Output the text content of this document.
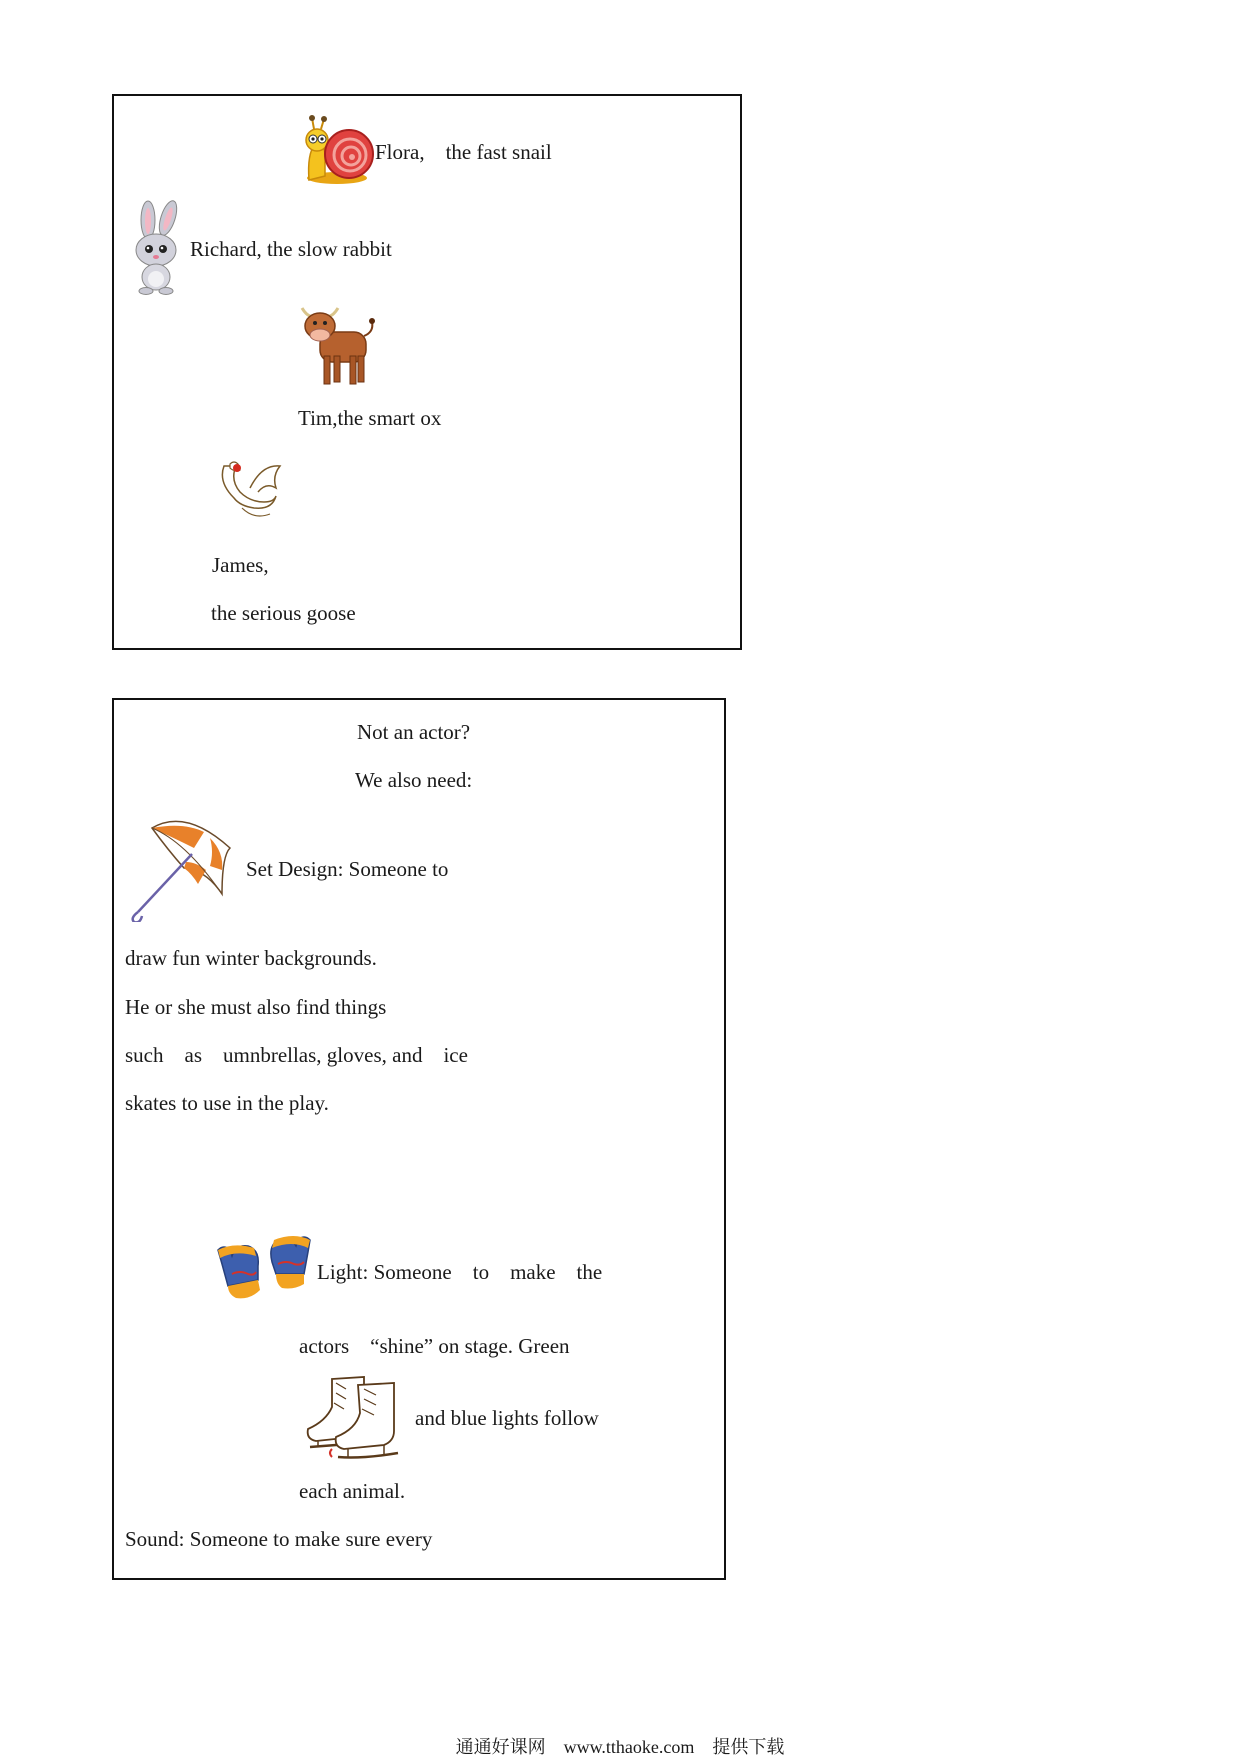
Flora,    the fast snail
Richard, the slow rabbit
Tim,the smart ox
James,
the serious goose
Not an actor?
We also need:
Set Design: Someone to
draw fun winter backgrounds.
He or she must also find things
such    as    umnbrellas, gloves, and    ice
skates to use in the play.
Light: Someone    to    make    the
actors    “shine” on stage. Green
and blue lights follow
each animal.
Sound: Someone to make sure every
通通好课网 www.tthaoke.com 提供下载
